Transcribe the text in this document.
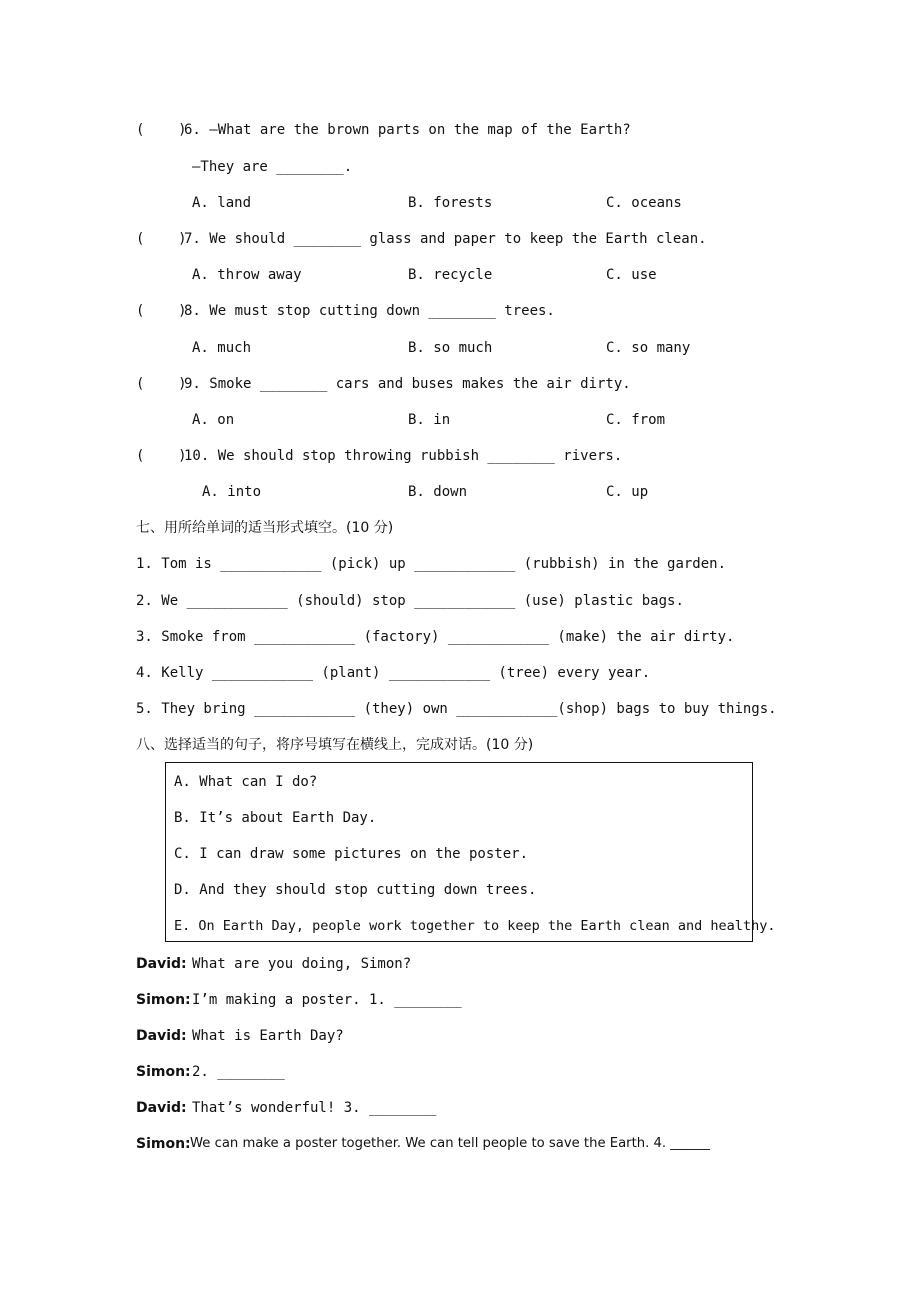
(    )
6. —What are the brown parts on the map of the Earth?
—They are ________.
A. land	B. forests	C. oceans
(    )
7. We should ________ glass and paper to keep the Earth clean.
A. throw away	B. recycle	C. use
(    )
8. We must stop cutting down ________ trees.
A. much	B. so much	C. so many
(    )
9. Smoke ________ cars and buses makes the air dirty.
A. on	B. in	C. from
(    )
10. We should stop throwing rubbish ________ rivers.
A. into	B. down	C. up
七、用所给单词的适当形式填空。(10 分)
1. Tom is ____________ (pick) up ____________ (rubbish) in the garden.
2. We ____________ (should) stop ____________ (use) plastic bags.
3. Smoke from ____________ (factory) ____________ (make) the air dirty.
4. Kelly ____________ (plant) ____________ (tree) every year.
5. They bring ____________ (they) own ____________(shop) bags to buy things.
八、选择适当的句子，将序号填写在横线上，完成对话。(10 分)
A. What can I do?
B. It’s about Earth Day.
C. I can draw some pictures on the poster.
D. And they should stop cutting down trees.
E. On Earth Day, people work together to keep the Earth clean and healthy.
David: What are you doing, Simon?
Simon: I’m making a poster. 1. ________
David: What is Earth Day?
Simon: 2. ________
David: That’s wonderful! 3. ________
Simon: We can make a poster together. We can tell people to save the Earth. 4. ______
